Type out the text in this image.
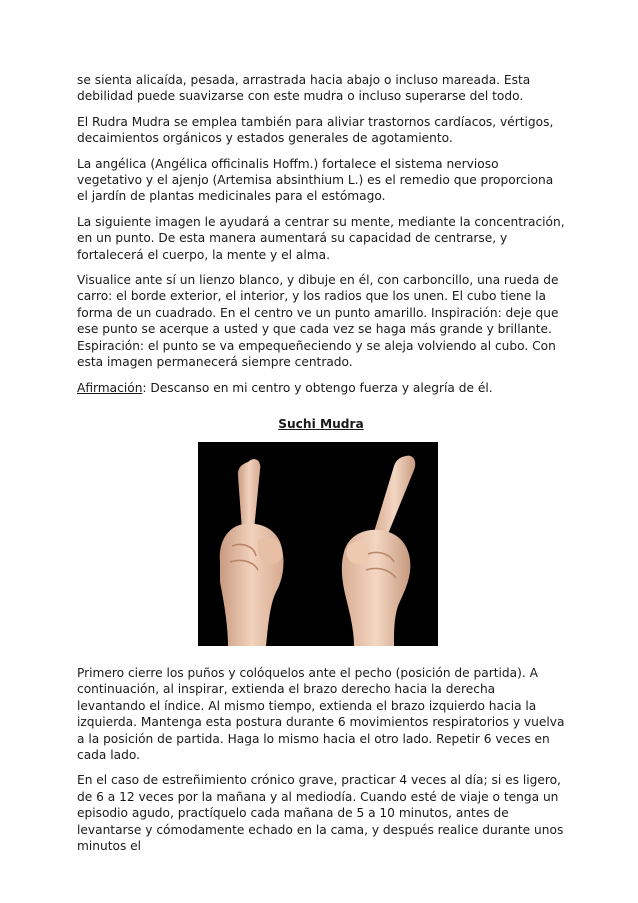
se sienta alicaída, pesada, arrastrada hacia abajo o incluso mareada. Esta debilidad puede suavizarse con este mudra o incluso superarse del todo.

El Rudra Mudra se emplea también para aliviar trastornos cardíacos, vértigos, decaimientos orgánicos y estados generales de agotamiento.

La angélica (Angélica officinalis Hoffm.) fortalece el sistema nervioso vegetativo y el ajenjo (Artemisa absinthium L.) es el remedio que proporciona el jardín de plantas medicinales para el estómago.

La siguiente imagen le ayudará a centrar su mente, mediante la concentración, en un punto. De esta manera aumentará su capacidad de centrarse, y fortalecerá el cuerpo, la mente y el alma.

Visualice ante sí un lienzo blanco, y dibuje en él, con carboncillo, una rueda de carro: el borde exterior, el interior, y los radios que los unen. El cubo tiene la forma de un cuadrado. En el centro ve un punto amarillo. Inspiración: deje que ese punto se acerque a usted y que cada vez se haga más grande y brillante. Espiración: el punto se va empequeñeciendo y se aleja volviendo al cubo. Con esta imagen permanecerá siempre centrado.

Afirmación: Descanso en mi centro y obtengo fuerza y alegría de él.

Suchi Mudra

Primero cierre los puños y colóquelos ante el pecho (posición de partida). A continuación, al inspirar, extienda el brazo derecho hacia la derecha levantando el índice. Al mismo tiempo, extienda el brazo izquierdo hacia la izquierda. Mantenga esta postura durante 6 movimientos respiratorios y vuelva a la posición de partida. Haga lo mismo hacia el otro lado. Repetir 6 veces en cada lado.

En el caso de estreñimiento crónico grave, practicar 4 veces al día; si es ligero, de 6 a 12 veces por la mañana y al mediodía. Cuando esté de viaje o tenga un episodio agudo, practíquelo cada mañana de 5 a 10 minutos, antes de levantarse y cómodamente echado en la cama, y después realice durante unos minutos el
